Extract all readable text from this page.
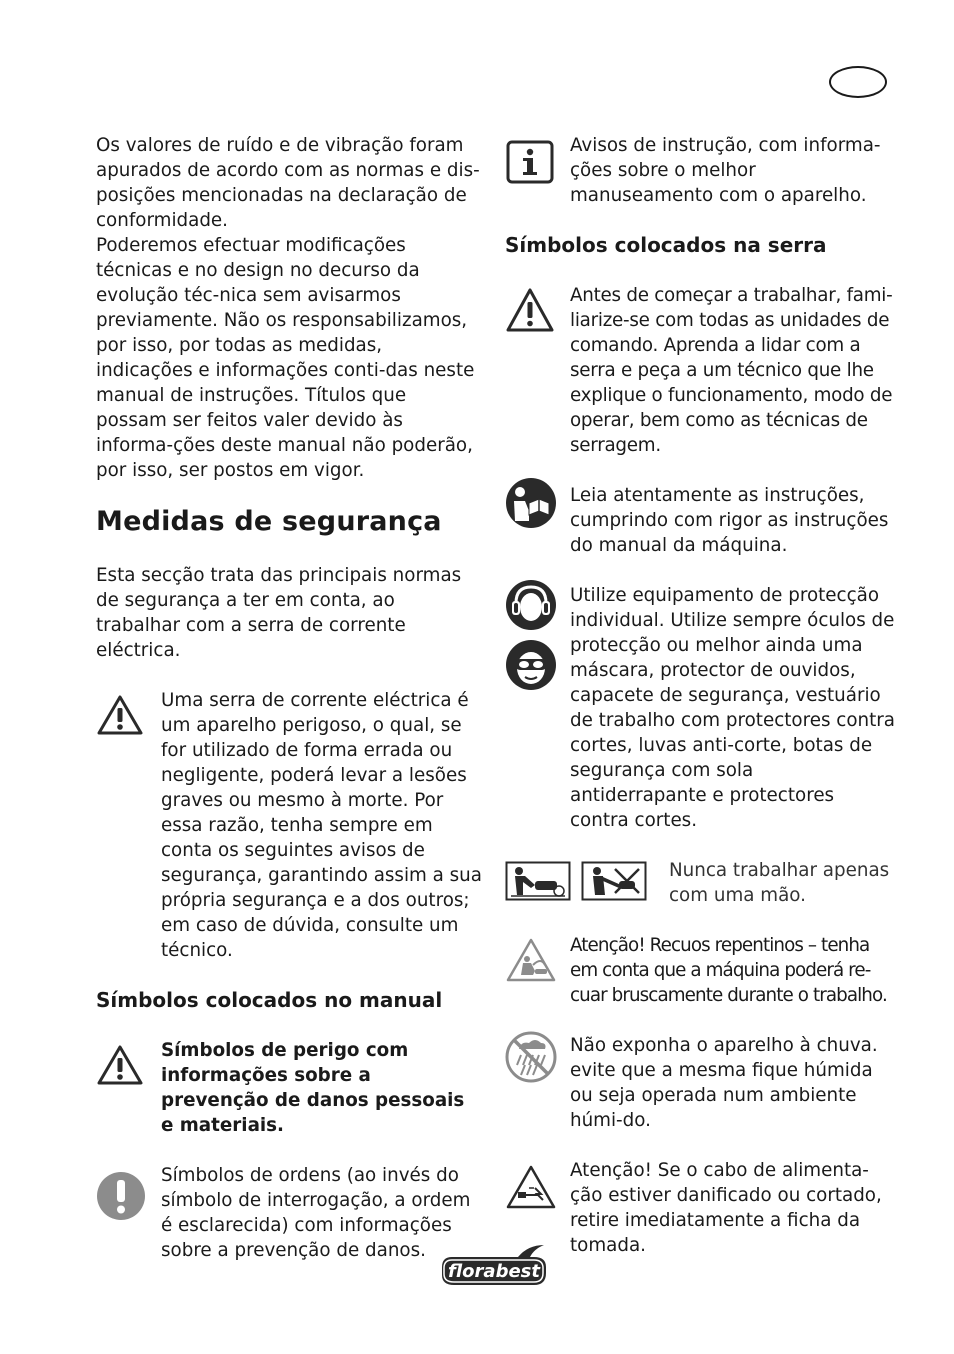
Os valores de ruído e de vibração foram apurados de acordo com as normas e dis-posições mencionadas na declaração de conformidade.

Poderemos efectuar modificações técnicas e no design no decurso da evolução téc-nica sem avisarmos previamente. Não os responsabilizamos, por isso, por todas as medidas, indicações e informações conti-das neste manual de instruções. Títulos que possam ser feitos valer devido às informa-ções deste manual não poderão, por isso, ser postos em vigor.

Medidas de segurança

Esta secção trata das principais normas de segurança a ter em conta, ao trabalhar com a serra de corrente eléctrica.

Uma serra de corrente eléctrica é um aparelho perigoso, o qual, se for utilizado de forma errada ou negligente, poderá levar a lesões graves ou mesmo à morte. Por essa razão, tenha sempre em conta os seguintes avisos de segurança, garantindo assim a sua própria segurança e a dos outros; em caso de dúvida, consulte um técnico.

Símbolos colocados no manual

Símbolos de perigo com informações sobre a prevenção de danos pessoais e materiais.

Símbolos de ordens (ao invés do símbolo de interrogação, a ordem é esclarecida) com informações sobre a prevenção de danos.

Avisos de instrução, com informa-ções sobre o melhor manuseamento com o aparelho.

Símbolos colocados na serra

Antes de começar a trabalhar, fami-liarize-se com todas as unidades de comando. Aprenda a lidar com a serra e peça a um técnico que lhe explique o funcionamento, modo de operar, bem como as técnicas de serragem.

Leia atentamente as instruções, cumprindo com rigor as instruções do manual da máquina.

Utilize equipamento de protecção individual. Utilize sempre óculos de protecção ou melhor ainda uma máscara, protector de ouvidos, capacete de segurança, vestuário de trabalho com protectores contra cortes, luvas anti-corte, botas de segurança com sola antiderrapante e protectores contra cortes.

Nunca trabalhar apenas com uma mão.

Atenção! Recuos repentinos – tenha em conta que a máquina poderá re-cuar bruscamente durante o trabalho.

Não exponha o aparelho à chuva. evite que a mesma fique húmida ou seja operada num ambiente húmi-do.

Atenção! Se o cabo de alimenta-ção estiver danificado ou cortado, retire imediatamente a ficha da tomada.

florabest
